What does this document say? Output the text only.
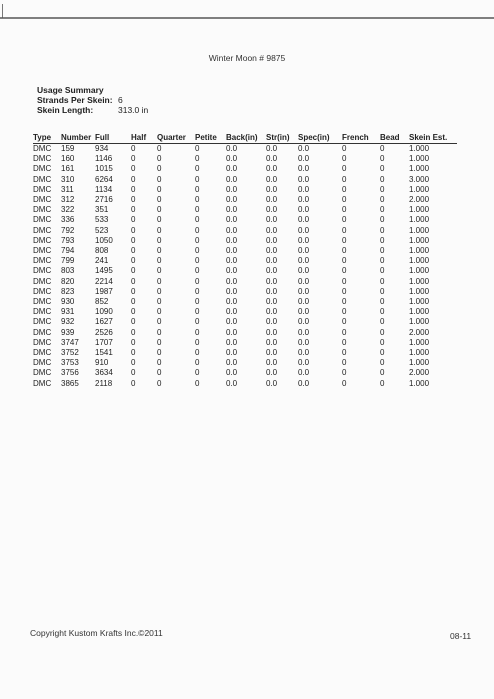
Winter Moon # 9875
Usage Summary
Strands Per Skein: 6
Skein Length:	313.0 in
Type	Number	Full	Half	Quarter	Petite	Back(in)	Str(in)	Spec(in)	French	Bead	Skein Est.
DMC	159	934	0	0	0	0.0	0.0	0.0	0	0	1.000
DMC	160	1146	0	0	0	0.0	0.0	0.0	0	0	1.000
DMC	161	1015	0	0	0	0.0	0.0	0.0	0	0	1.000
DMC	310	6264	0	0	0	0.0	0.0	0.0	0	0	3.000
DMC	311	1134	0	0	0	0.0	0.0	0.0	0	0	1.000
DMC	312	2716	0	0	0	0.0	0.0	0.0	0	0	2.000
DMC	322	351	0	0	0	0.0	0.0	0.0	0	0	1.000
DMC	336	533	0	0	0	0.0	0.0	0.0	0	0	1.000
DMC	792	523	0	0	0	0.0	0.0	0.0	0	0	1.000
DMC	793	1050	0	0	0	0.0	0.0	0.0	0	0	1.000
DMC	794	808	0	0	0	0.0	0.0	0.0	0	0	1.000
DMC	799	241	0	0	0	0.0	0.0	0.0	0	0	1.000
DMC	803	1495	0	0	0	0.0	0.0	0.0	0	0	1.000
DMC	820	2214	0	0	0	0.0	0.0	0.0	0	0	1.000
DMC	823	1987	0	0	0	0.0	0.0	0.0	0	0	1.000
DMC	930	852	0	0	0	0.0	0.0	0.0	0	0	1.000
DMC	931	1090	0	0	0	0.0	0.0	0.0	0	0	1.000
DMC	932	1627	0	0	0	0.0	0.0	0.0	0	0	1.000
DMC	939	2526	0	0	0	0.0	0.0	0.0	0	0	2.000
DMC	3747	1707	0	0	0	0.0	0.0	0.0	0	0	1.000
DMC	3752	1541	0	0	0	0.0	0.0	0.0	0	0	1.000
DMC	3753	910	0	0	0	0.0	0.0	0.0	0	0	1.000
DMC	3756	3634	0	0	0	0.0	0.0	0.0	0	0	2.000
DMC	3865	2118	0	0	0	0.0	0.0	0.0	0	0	1.000
Copyright Kustom Krafts Inc.©2011	08-11
